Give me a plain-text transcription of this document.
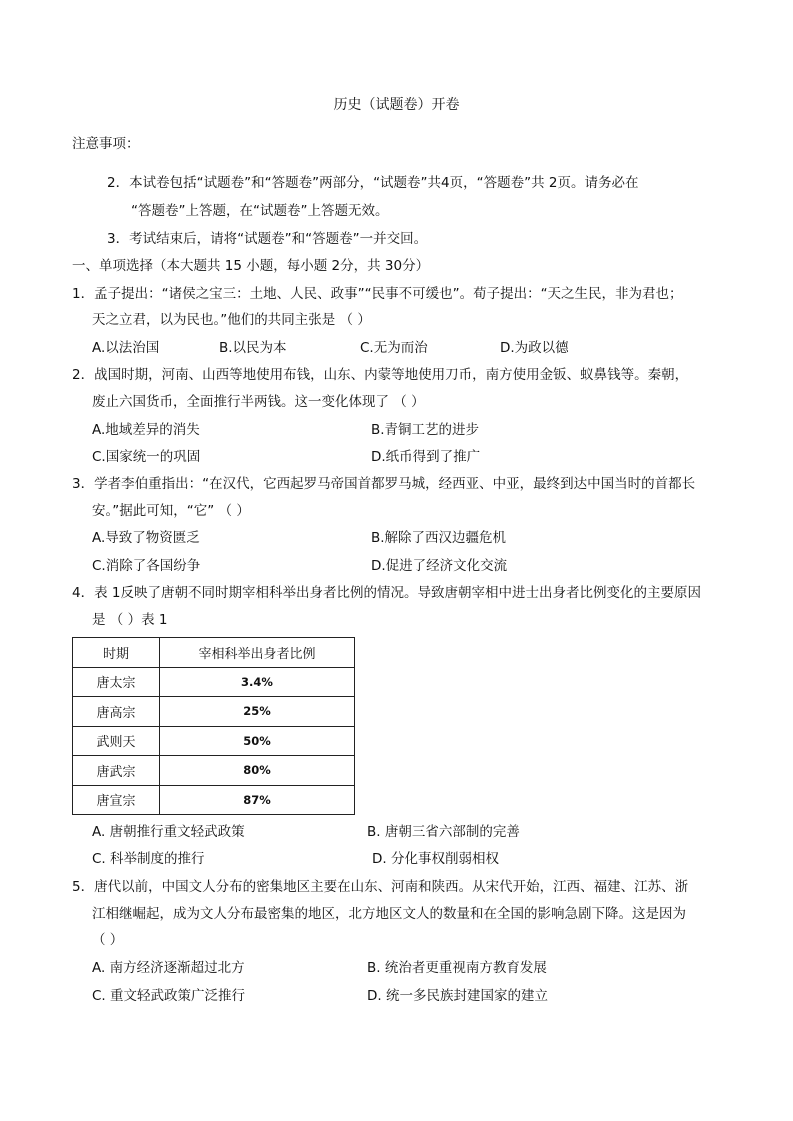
历史（试题卷）开卷
注意事项：
2．本试卷包括“试题卷”和“答题卷”两部分，“试题卷”共4页，“答题卷”共 2页。请务必在
“答题卷”上答题，在“试题卷”上答题无效。
3．考试结束后，请将“试题卷”和“答题卷”一并交回。
一、单项选择（本大题共 15 小题，每小题 2分，共 30分）
1．孟子提出：“诸侯之宝三：土地、人民、政事”“民事不可缓也”。荀子提出：“天之生民，非为君也；
天之立君，以为民也。”他们的共同主张是 （ ）
A.以法治国	B.以民为本	C.无为而治	D.为政以德
2．战国时期，河南、山西等地使用布钱，山东、内蒙等地使用刀币，南方使用金钣、蚁鼻钱等。秦朝，
废止六国货币，全面推行半两钱。这一变化体现了 （ ）
A.地域差异的消失	B.青铜工艺的进步
C.国家统一的巩固	D.纸币得到了推广
3．学者李伯重指出：“在汉代，它西起罗马帝国首都罗马城，经西亚、中亚，最终到达中国当时的首都长
安。”据此可知，“它” （ ）
A.导致了物资匮乏	B.解除了西汉边疆危机
C.消除了各国纷争	D.促进了经济文化交流
4．表 1反映了唐朝不同时期宰相科举出身者比例的情况。导致唐朝宰相中进士出身者比例变化的主要原因
是 （ ）表 1
时期	宰相科举出身者比例
唐太宗	3.4%
唐高宗	25%
武则天	50%
唐武宗	80%
唐宣宗	87%
A. 唐朝推行重文轻武政策	B. 唐朝三省六部制的完善
C. 科举制度的推行	D. 分化事权削弱相权
5．唐代以前，中国文人分布的密集地区主要在山东、河南和陕西。从宋代开始，江西、福建、江苏、浙
江相继崛起，成为文人分布最密集的地区，北方地区文人的数量和在全国的影响急剧下降。这是因为
（ ）
A. 南方经济逐渐超过北方	B. 统治者更重视南方教育发展
C. 重文轻武政策广泛推行	D. 统一多民族封建国家的建立
